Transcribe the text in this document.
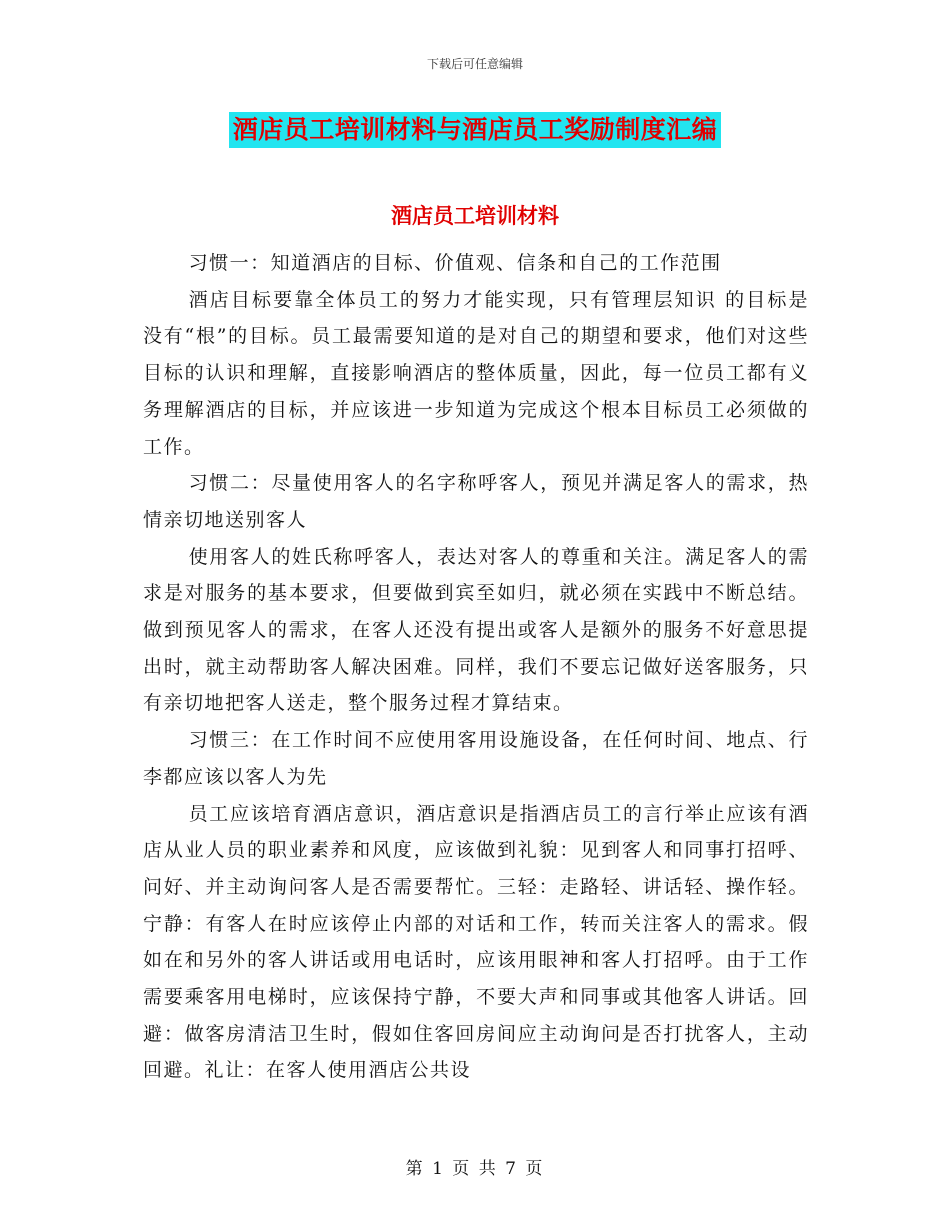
下载后可任意编辑
酒店员工培训材料与酒店员工奖励制度汇编
酒店员工培训材料

习惯一：知道酒店的目标、价值观、信条和自己的工作范围

酒店目标要靠全体员工的努力才能实现，只有管理层知识 的目标是没有“根”的目标。员工最需要知道的是对自己的期望和要求，他们对这些目标的认识和理解，直接影响酒店的整体质量，因此，每一位员工都有义务理解酒店的目标，并应该进一步知道为完成这个根本目标员工必须做的工作。

习惯二：尽量使用客人的名字称呼客人，预见并满足客人的需求，热情亲切地送别客人

使用客人的姓氏称呼客人，表达对客人的尊重和关注。满足客人的需求是对服务的基本要求，但要做到宾至如归，就必须在实践中不断总结。做到预见客人的需求，在客人还没有提出或客人是额外的服务不好意思提出时，就主动帮助客人解决困难。同样，我们不要忘记做好送客服务，只有亲切地把客人送走，整个服务过程才算结束。

习惯三：在工作时间不应使用客用设施设备，在任何时间、地点、行李都应该以客人为先

员工应该培育酒店意识，酒店意识是指酒店员工的言行举止应该有酒店从业人员的职业素养和风度，应该做到礼貌：见到客人和同事打招呼、问好、并主动询问客人是否需要帮忙。三轻：走路轻、讲话轻、操作轻。宁静：有客人在时应该停止内部的对话和工作，转而关注客人的需求。假如在和另外的客人讲话或用电话时，应该用眼神和客人打招呼。由于工作需要乘客用电梯时，应该保持宁静，不要大声和同事或其他客人讲话。回避：做客房清洁卫生时，假如住客回房间应主动询问是否打扰客人，主动回避。礼让：在客人使用酒店公共设

第 1 页 共 7 页
